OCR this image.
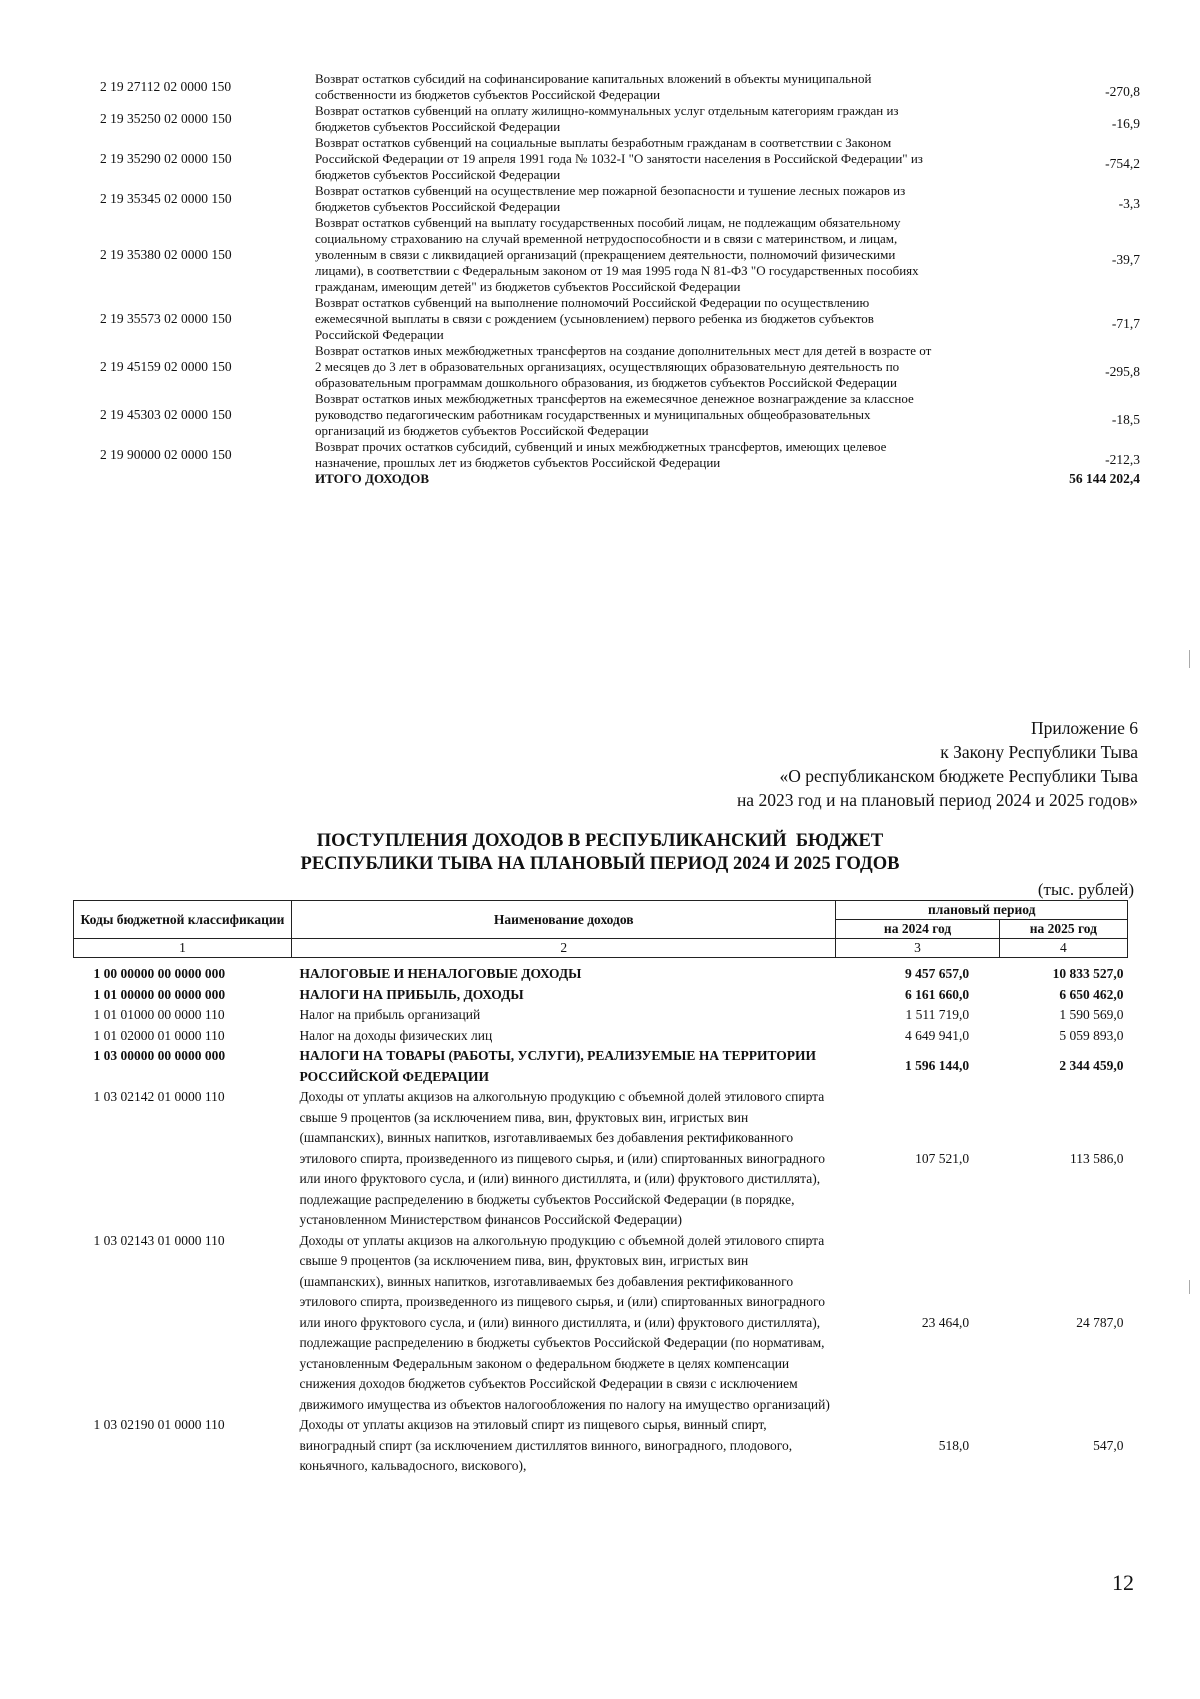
2 19 27112 02 0000 150	Возврат остатков субсидий на софинансирование капитальных вложений в объекты муниципальной собственности из бюджетов субъектов Российской Федерации	-270,8
2 19 35250 02 0000 150	Возврат остатков субвенций на оплату жилищно-коммунальных услуг отдельным категориям граждан из бюджетов субъектов Российской Федерации	-16,9
2 19 35290 02 0000 150	Возврат остатков субвенций на социальные выплаты безработным гражданам в соответствии с Законом Российской Федерации от 19 апреля 1991 года № 1032-I "О занятости населения в Российской Федерации" из бюджетов субъектов Российской Федерации	-754,2
2 19 35345 02 0000 150	Возврат остатков субвенций на осуществление мер пожарной безопасности и тушение лесных пожаров из бюджетов субъектов Российской Федерации	-3,3
2 19 35380 02 0000 150	Возврат остатков субвенций на выплату государственных пособий лицам, не подлежащим обязательному социальному страхованию на случай временной нетрудоспособности и в связи с материнством, и лицам, уволенным в связи с ликвидацией организаций (прекращением деятельности, полномочий физическими лицами), в соответствии с Федеральным законом от 19 мая 1995 года N 81-ФЗ "О государственных пособиях гражданам, имеющим детей" из бюджетов субъектов Российской Федерации	-39,7
2 19 35573 02 0000 150	Возврат остатков субвенций на выполнение полномочий Российской Федерации по осуществлению ежемесячной выплаты в связи с рождением (усыновлением) первого ребенка из бюджетов субъектов Российской Федерации	-71,7
2 19 45159 02 0000 150	Возврат остатков иных межбюджетных трансфертов на создание дополнительных мест для детей в возрасте от 2 месяцев до 3 лет в образовательных организациях, осуществляющих образовательную деятельность по образовательным программам дошкольного образования, из бюджетов субъектов Российской Федерации	-295,8
2 19 45303 02 0000 150	Возврат остатков иных межбюджетных трансфертов на ежемесячное денежное вознаграждение за классное руководство педагогическим работникам государственных и муниципальных общеобразовательных организаций из бюджетов субъектов Российской Федерации	-18,5
2 19 90000 02 0000 150	Возврат прочих остатков субсидий, субвенций и иных межбюджетных трансфертов, имеющих целевое назначение, прошлых лет из бюджетов субъектов Российской Федерации	-212,3
	ИТОГО ДОХОДОВ	56 144 202,4
Приложение 6
к Закону Республики Тыва
«О республиканском бюджете Республики Тыва
на 2023 год и на плановый период 2024 и 2025 годов»
ПОСТУПЛЕНИЯ ДОХОДОВ В РЕСПУБЛИКАНСКИЙ  БЮДЖЕТ
РЕСПУБЛИКИ ТЫВА НА ПЛАНОВЫЙ ПЕРИОД 2024 И 2025 ГОДОВ
(тыс. рублей)
Коды бюджетной классификации	Наименование доходов	плановый период	
		на 2024 год	на 2025 год
1	2	3	4
1 00 00000 00 0000 000	НАЛОГОВЫЕ И НЕНАЛОГОВЫЕ ДОХОДЫ	9 457 657,0	10 833 527,0
1 01 00000 00 0000 000	НАЛОГИ НА ПРИБЫЛЬ, ДОХОДЫ	6 161 660,0	6 650 462,0
1 01 01000 00 0000 110	Налог на прибыль организаций	1 511 719,0	1 590 569,0
1 01 02000 01 0000 110	Налог на доходы физических лиц	4 649 941,0	5 059 893,0
1 03 00000 00 0000 000	НАЛОГИ НА ТОВАРЫ (РАБОТЫ, УСЛУГИ), РЕАЛИЗУЕМЫЕ НА ТЕРРИТОРИИ РОССИЙСКОЙ ФЕДЕРАЦИИ	1 596 144,0	2 344 459,0
1 03 02142 01 0000 110	Доходы от уплаты акцизов на алкогольную продукцию с объемной долей этилового спирта свыше 9 процентов (за исключением пива, вин, фруктовых вин, игристых вин (шампанских), винных напитков, изготавливаемых без добавления ректификованного этилового спирта, произведенного из пищевого сырья, и (или) спиртованных виноградного или иного фруктового сусла, и (или) винного дистиллята, и (или) фруктового дистиллята), подлежащие распределению в бюджеты субъектов Российской Федерации (в порядке, установленном Министерством финансов Российской Федерации)	107 521,0	113 586,0
1 03 02143 01 0000 110	Доходы от уплаты акцизов на алкогольную продукцию с объемной долей этилового спирта свыше 9 процентов (за исключением пива, вин, фруктовых вин, игристых вин (шампанских), винных напитков, изготавливаемых без добавления ректификованного этилового спирта, произведенного из пищевого сырья, и (или) спиртованных виноградного или иного фруктового сусла, и (или) винного дистиллята, и (или) фруктового дистиллята), подлежащие распределению в бюджеты субъектов Российской Федерации (по нормативам, установленным Федеральным законом о федеральном бюджете в целях компенсации снижения доходов бюджетов субъектов Российской Федерации в связи с исключением движимого имущества из объектов налогообложения по налогу на имущество организаций)	23 464,0	24 787,0
1 03 02190 01 0000 110	Доходы от уплаты акцизов на этиловый спирт из пищевого сырья, винный спирт, виноградный спирт (за исключением дистиллятов винного, виноградного, плодового, коньячного, кальвадосного, вискового),	518,0	547,0
12
